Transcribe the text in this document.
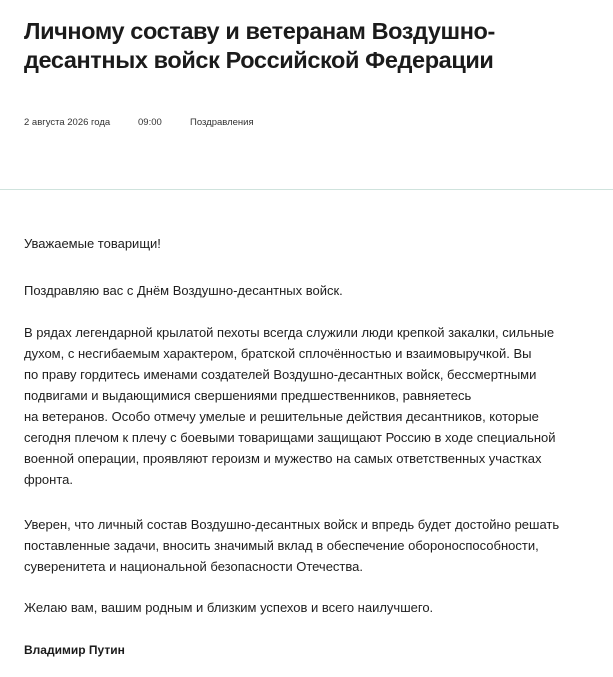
Личному составу и ветеранам Воздушно-десантных войск Российской Федерации
2 августа 2026 года	09:00	Поздравления

Уважаемые товарищи!

Поздравляю вас с Днём Воздушно-десантных войск.

В рядах легендарной крылатой пехоты всегда служили люди крепкой закалки, сильные
духом, с несгибаемым характером, братской сплочённостью и взаимовыручкой. Вы
по праву гордитесь именами создателей Воздушно-десантных войск, бессмертными
подвигами и выдающимися свершениями предшественников, равняетесь
на ветеранов. Особо отмечу умелые и решительные действия десантников, которые
сегодня плечом к плечу с боевыми товарищами защищают Россию в ходе специальной
военной операции, проявляют героизм и мужество на самых ответственных участках
фронта.

Уверен, что личный состав Воздушно-десантных войск и впредь будет достойно решать
поставленные задачи, вносить значимый вклад в обеспечение обороноспособности,
суверенитета и национальной безопасности Отечества.

Желаю вам, вашим родным и близким успехов и всего наилучшего.

Владимир Путин
